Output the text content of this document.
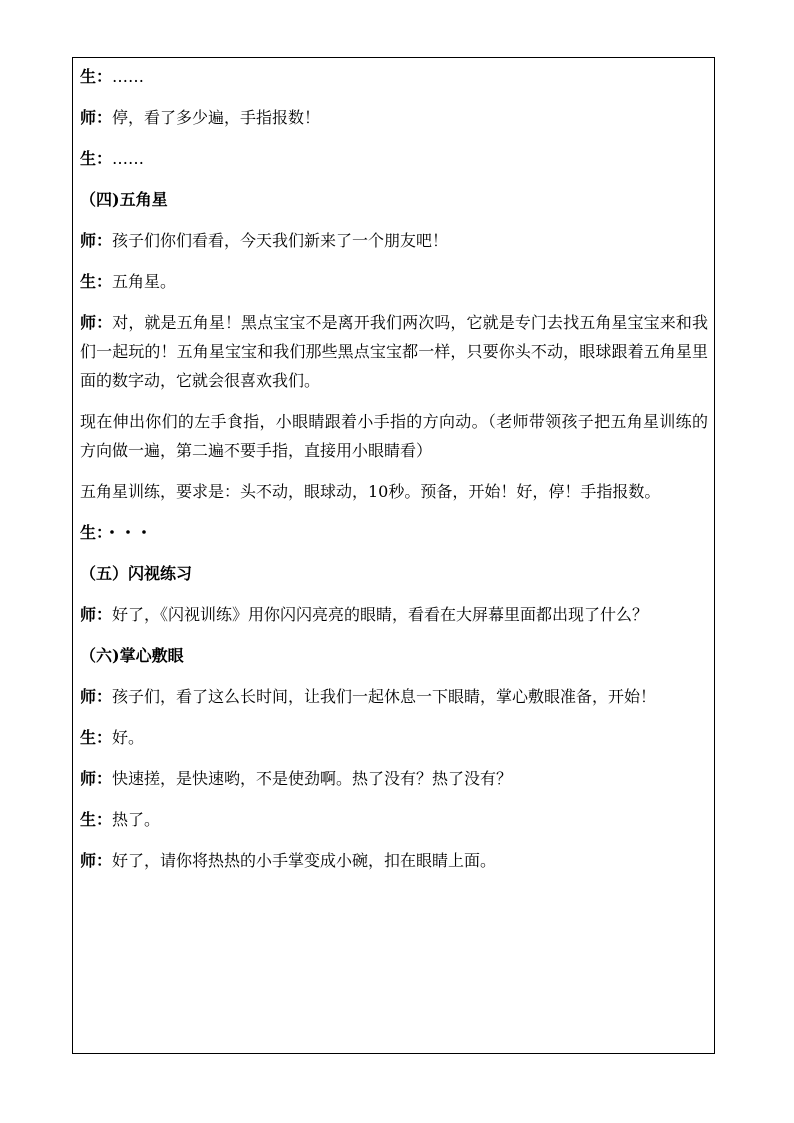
生：……

师：停，看了多少遍，手指报数！

生：……

（四)五角星

师：孩子们你们看看，今天我们新来了一个朋友吧！

生：五角星。

师：对，就是五角星！黑点宝宝不是离开我们两次吗，它就是专门去找五角星宝宝来和我们一起玩的！五角星宝宝和我们那些黑点宝宝都一样，只要你头不动，眼球跟着五角星里面的数字动，它就会很喜欢我们。

现在伸出你们的左手食指，小眼睛跟着小手指的方向动。（老师带领孩子把五角星训练的方向做一遍，第二遍不要手指，直接用小眼睛看）

五角星训练，要求是：头不动，眼球动，10秒。预备，开始！好，停！手指报数。

生：・・・

（五）闪视练习

师：好了，《闪视训练》用你闪闪亮亮的眼睛，看看在大屏幕里面都出现了什么？

（六)掌心敷眼

师：孩子们，看了这么长时间，让我们一起休息一下眼睛，掌心敷眼准备，开始！

生：好。

师：快速搓，是快速哟，不是使劲啊。热了没有？热了没有？

生：热了。

师：好了，请你将热热的小手掌变成小碗，扣在眼睛上面。
